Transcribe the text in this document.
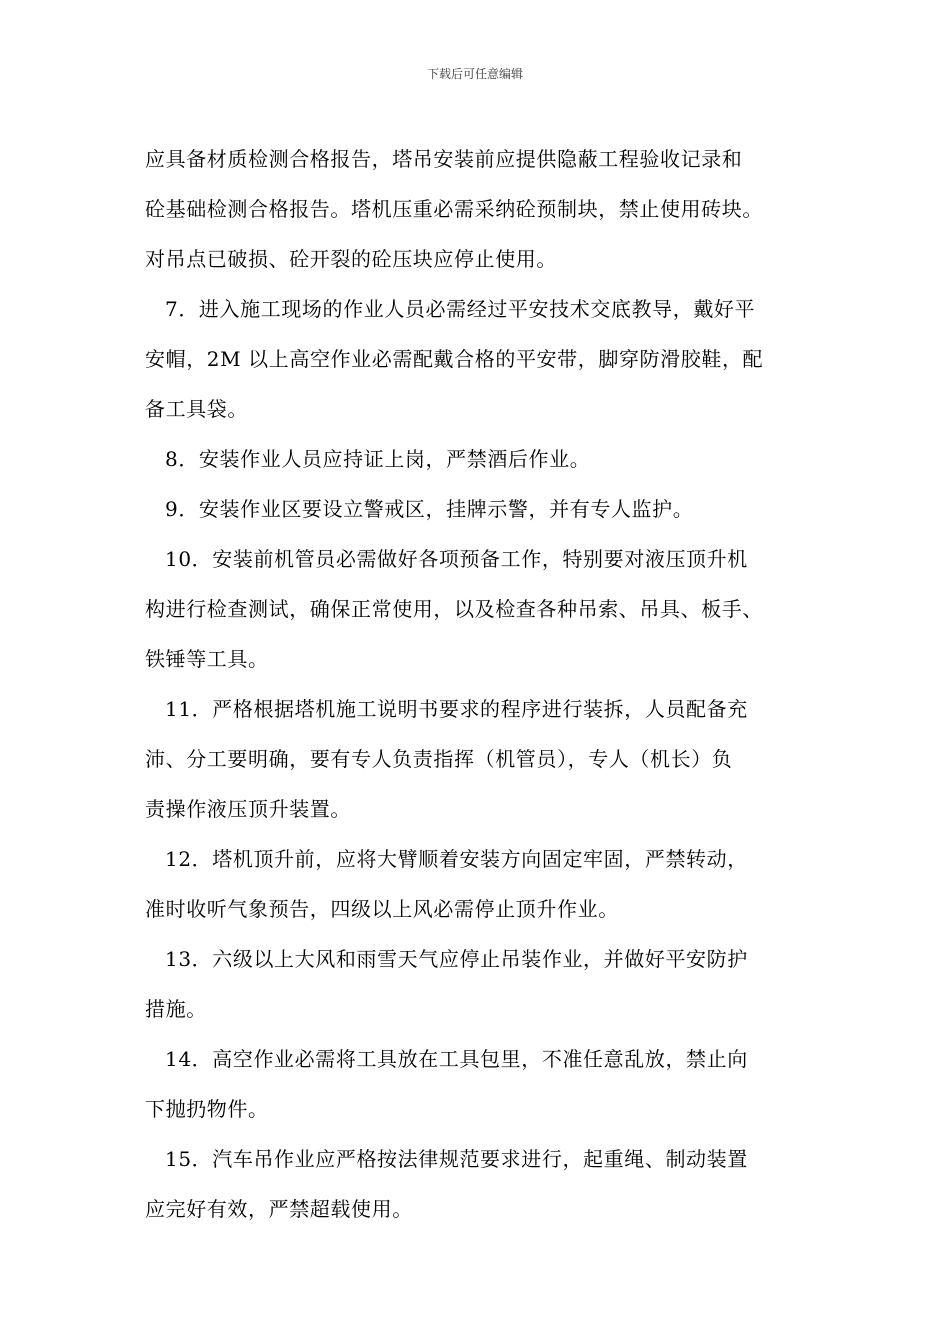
下载后可任意编辑
应具备材质检测合格报告，塔吊安装前应提供隐蔽工程验收记录和
砼基础检测合格报告。塔机压重必需采纳砼预制块，禁止使用砖块。
对吊点已破损、砼开裂的砼压块应停止使用。
7．进入施工现场的作业人员必需经过平安技术交底教导，戴好平
安帽，2M 以上高空作业必需配戴合格的平安带，脚穿防滑胶鞋，配
备工具袋。
8．安装作业人员应持证上岗，严禁酒后作业。
9．安装作业区要设立警戒区，挂牌示警，并有专人监护。
10．安装前机管员必需做好各项预备工作，特别要对液压顶升机
构进行检查测试，确保正常使用，以及检查各种吊索、吊具、板手、
铁锤等工具。
11．严格根据塔机施工说明书要求的程序进行装拆，人员配备充
沛、分工要明确，要有专人负责指挥（机管员），专人（机长）负
责操作液压顶升装置。
12．塔机顶升前，应将大臂顺着安装方向固定牢固，严禁转动，
准时收听气象预告，四级以上风必需停止顶升作业。
13．六级以上大风和雨雪天气应停止吊装作业，并做好平安防护
措施。
14．高空作业必需将工具放在工具包里，不准任意乱放，禁止向
下抛扔物件。
15．汽车吊作业应严格按法律规范要求进行，起重绳、制动装置
应完好有效，严禁超载使用。
